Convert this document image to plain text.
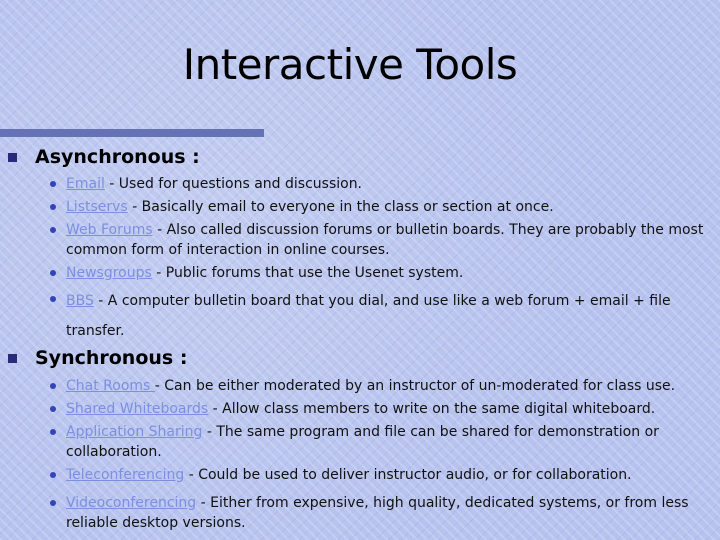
Interactive Tools
Asynchronous :
Email - Used for questions and discussion.
Listservs - Basically email to everyone in the class or section at once.
Web Forums - Also called discussion forums or bulletin boards. They are probably the most common form of interaction in online courses.
Newsgroups - Public forums that use the Usenet system.
BBS - A computer bulletin board that you dial, and use like a web forum + email + file transfer.
Synchronous :
Chat Rooms - Can be either moderated by an instructor of un-moderated for class use.
Shared Whiteboards - Allow class members to write on the same digital whiteboard.
Application Sharing - The same program and file can be shared for demonstration or collaboration.
Teleconferencing - Could be used to deliver instructor audio, or for collaboration.
Videoconferencing - Either from expensive, high quality, dedicated systems, or from less reliable desktop versions.
